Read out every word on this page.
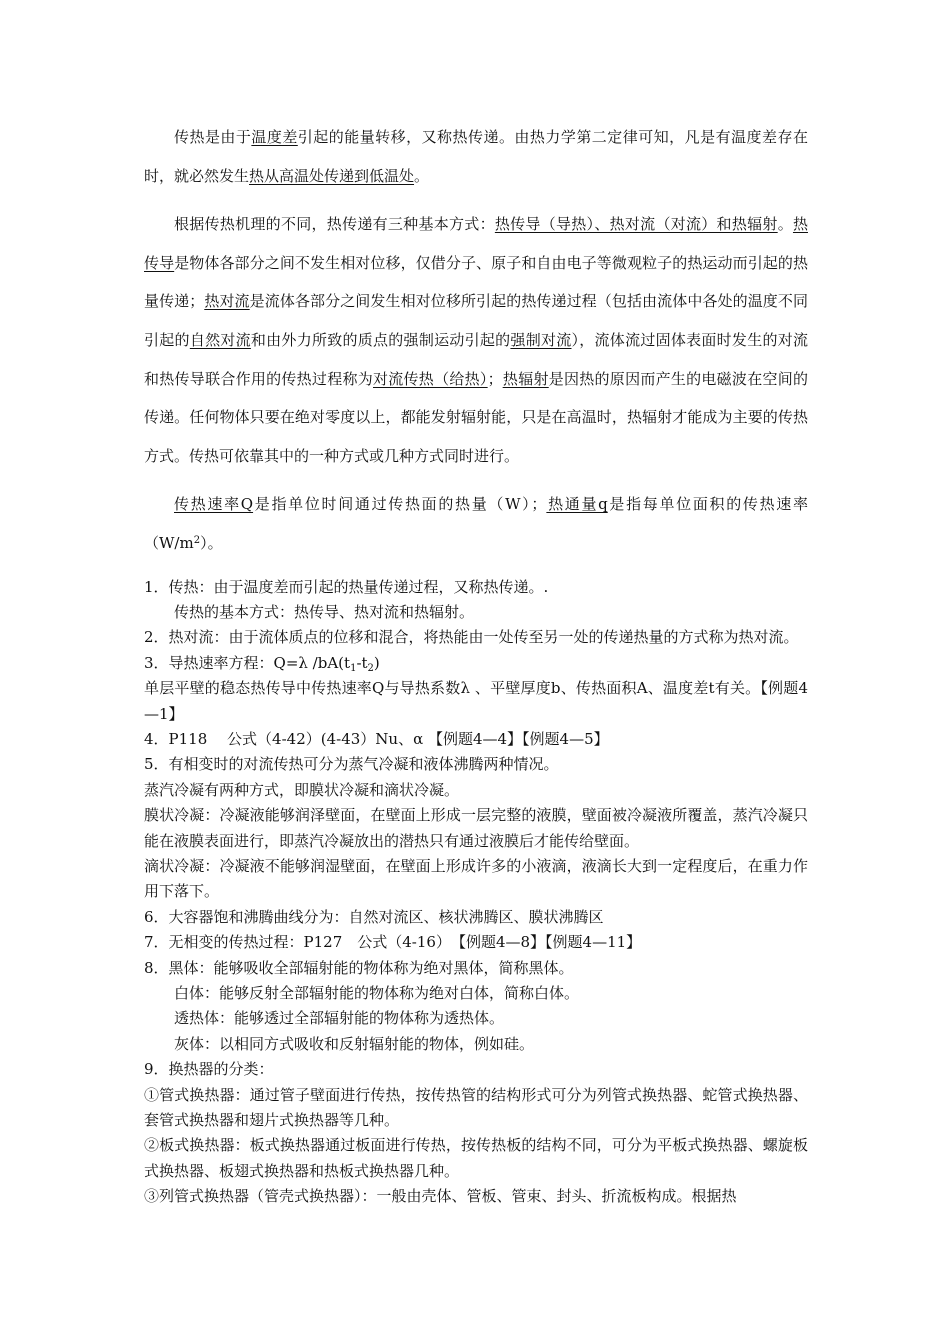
传热是由于温度差引起的能量转移，又称热传递。由热力学第二定律可知，凡是有温度差存在时，就必然发生热从高温处传递到低温处。

根据传热机理的不同，热传递有三种基本方式：热传导（导热）、热对流（对流）和热辐射。热传导是物体各部分之间不发生相对位移，仅借分子、原子和自由电子等微观粒子的热运动而引起的热量传递；热对流是流体各部分之间发生相对位移所引起的热传递过程（包括由流体中各处的温度不同引起的自然对流和由外力所致的质点的强制运动引起的强制对流），流体流过固体表面时发生的对流和热传导联合作用的传热过程称为对流传热（给热）；热辐射是因热的原因而产生的电磁波在空间的传递。任何物体只要在绝对零度以上，都能发射辐射能，只是在高温时，热辐射才能成为主要的传热方式。传热可依靠其中的一种方式或几种方式同时进行。

传热速率Q是指单位时间通过传热面的热量（W）；热通量q是指每单位面积的传热速率$(W/m^2)$。

1．传热：由于温度差而引起的热量传递过程，又称热传递。.
传热的基本方式：热传导、热对流和热辐射。
2．热对流：由于流体质点的位移和混合，将热能由一处传至另一处的传递热量的方式称为热对流。
3．导热速率方程：Q=λ $/bA(t_1-t_2)$
单层平壁的稳态热传导中传热速率Q与导热系数λ 、平壁厚度b、传热面积A、温度差t有关。【例题4—1】
4．P118　 公式（4-42）(4-43）Nu、α 【例题4—4】【例题4—5】
5．有相变时的对流传热可分为蒸气冷凝和液体沸腾两种情况。
蒸汽冷凝有两种方式，即膜状冷凝和滴状冷凝。
膜状冷凝：冷凝液能够润泽壁面，在壁面上形成一层完整的液膜，壁面被冷凝液所覆盖，蒸汽冷凝只能在液膜表面进行，即蒸汽冷凝放出的潜热只有通过液膜后才能传给壁面。
滴状冷凝：冷凝液不能够润湿壁面，在壁面上形成许多的小液滴，液滴长大到一定程度后，在重力作用下落下。
6．大容器饱和沸腾曲线分为：自然对流区、核状沸腾区、膜状沸腾区
7．无相变的传热过程：P127　公式（4-16）　【例题4—8】【例题4—11】
8．黑体：能够吸收全部辐射能的物体称为绝对黑体，简称黑体。
白体：能够反射全部辐射能的物体称为绝对白体，简称白体。
透热体：能够透过全部辐射能的物体称为透热体。
灰体：以相同方式吸收和反射辐射能的物体，例如硅。
9．换热器的分类：
①管式换热器：通过管子壁面进行传热，按传热管的结构形式可分为列管式换热器、蛇管式换热器、套管式换热器和翅片式换热器等几种。
②板式换热器：板式换热器通过板面进行传热，按传热板的结构不同，可分为平板式换热器、螺旋板式换热器、板翅式换热器和热板式换热器几种。
③列管式换热器（管壳式换热器）：一般由壳体、管板、管束、封头、折流板构成。根据热
